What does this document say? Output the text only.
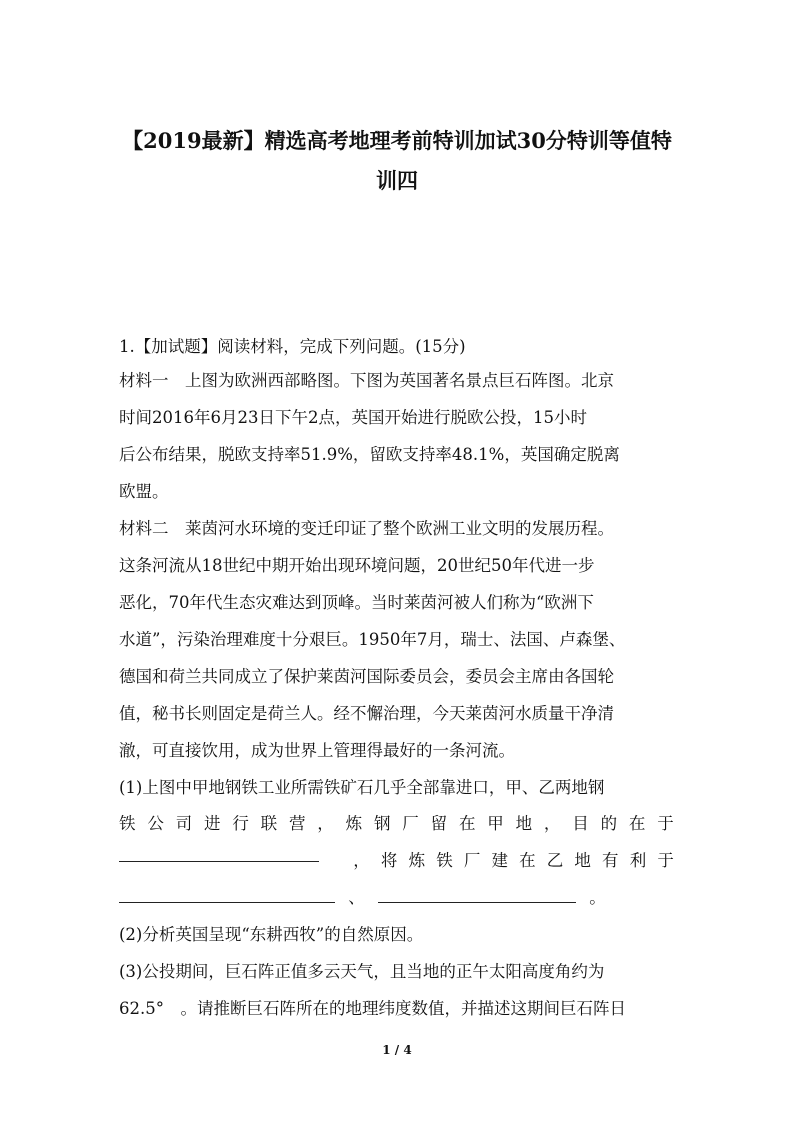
【2019最新】精选高考地理考前特训加试30分特训等值特
训四
1.【加试题】阅读材料，完成下列问题。(15分)
材料一　上图为欧洲西部略图。下图为英国著名景点巨石阵图。北京
时间2016年6月23日下午2点，英国开始进行脱欧公投，15小时
后公布结果，脱欧支持率51.9%，留欧支持率48.1%，英国确定脱离
欧盟。
材料二　莱茵河水环境的变迁印证了整个欧洲工业文明的发展历程。
这条河流从18世纪中期开始出现环境问题，20世纪50年代进一步
恶化，70年代生态灾难达到顶峰。当时莱茵河被人们称为“欧洲下
水道”，污染治理难度十分艰巨。1950年7月，瑞士、法国、卢森堡、
德国和荷兰共同成立了保护莱茵河国际委员会，委员会主席由各国轮
值，秘书长则固定是荷兰人。经不懈治理，今天莱茵河水质量干净清
澈，可直接饮用，成为世界上管理得最好的一条河流。
(1)上图中甲地钢铁工业所需铁矿石几乎全部靠进口，甲、乙两地钢
铁 公 司 进 行 联 营 ， 炼 钢 厂 留 在 甲 地 ， 目 的 在 于
， 将 炼 铁 厂 建 在 乙 地 有 利 于
、	。
(2)分析英国呈现“东耕西牧”的自然原因。
(3)公投期间，巨石阵正值多云天气，且当地的正午太阳高度角约为
62.5°　。请推断巨石阵所在的地理纬度数值，并描述这期间巨石阵日
1 / 4
